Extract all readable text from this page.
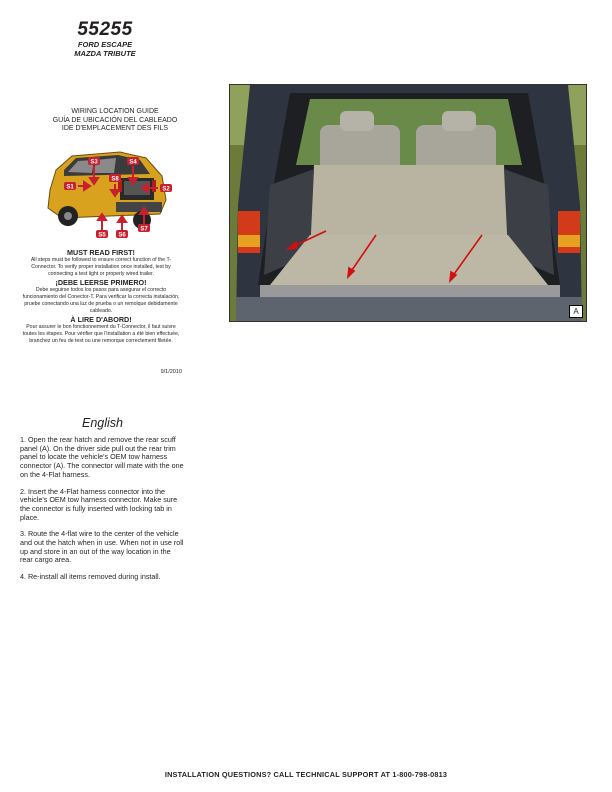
55255
FORD ESCAPE
MAZDA TRIBUTE
WIRING LOCATION GUIDE
GUÍA DE UBICACIÓN DEL CABLEADO
IDE D'EMPLACEMENT DES FILS
S3	S4
S8
S1	S2
S5 S6
S7
MUST READ FIRST!
All steps must be followed to ensure correct function of the T-Connector. To verify proper installation once installed, test by connecting a test light or properly wired trailer.
¡DEBE LEERSE PRIMERO!
Debe seguirse todos los pasos para asegurar el correcto funcionamiento del Conector-T. Para verificar la correcta instalación, pruebe conectando una luz de prueba o un remolque debidamente cableado.
À LIRE D'ABORD!
Pour assurer le bon fonctionnement du T-Connector, il faut suivre toutes les étapes. Pour vérifier que l'installation a été bien effectuée, branchez un feu de test ou une remorque correctement filetée.
9/1/2010
A
English

1. Open the rear hatch and remove the rear scuff panel (A). On the driver side pull out the rear trim panel to locate the vehicle's OEM tow harness connector (A). The connector will mate with the one on the 4-Flat harness.

2. Insert the 4-Flat harness connector into the vehicle's OEM tow harness connector. Make sure the connector is fully inserted with locking tab in place.

3. Route the 4-flat wire to the center of the vehicle and out the hatch when in use. When not in use roll up and store in an out of the way location in the rear cargo area.

4. Re-install all items removed during install.

INSTALLATION QUESTIONS? CALL TECHNICAL SUPPORT AT 1-800-798-0813
